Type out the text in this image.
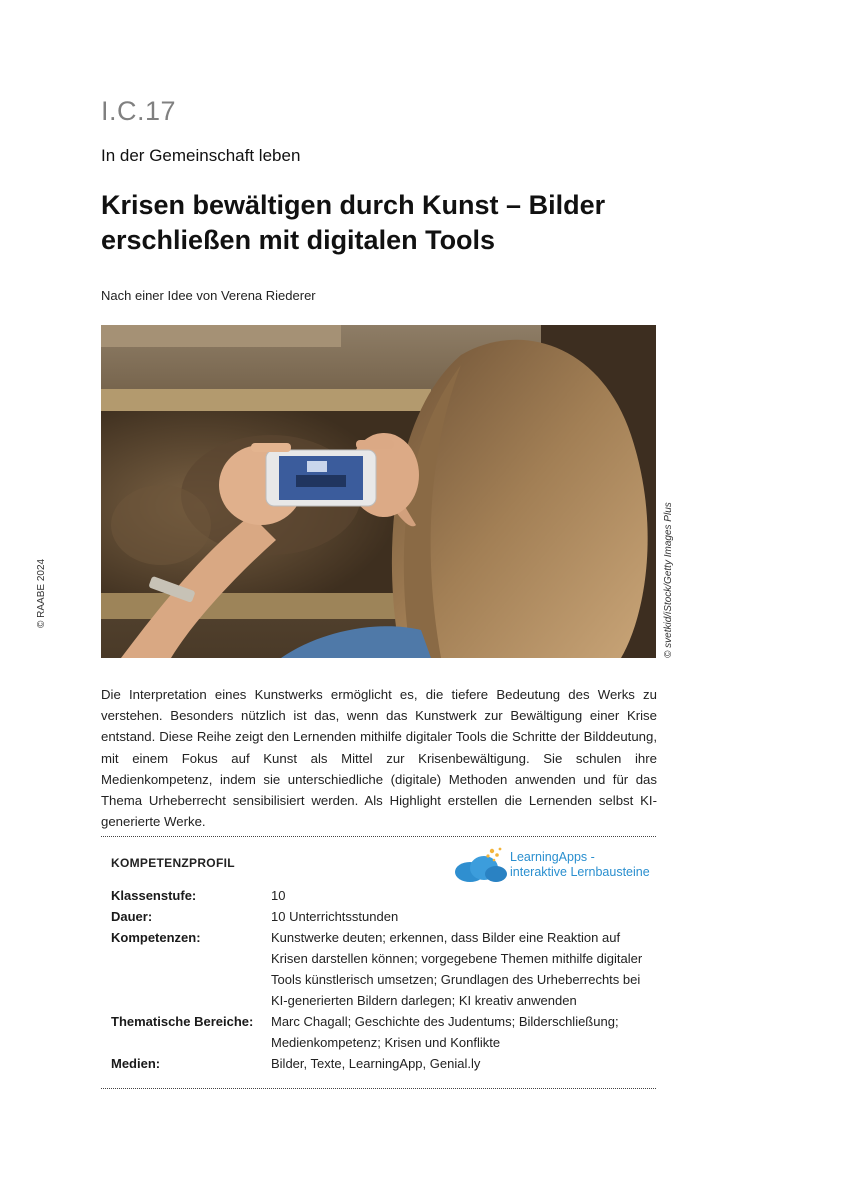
I.C.17
In der Gemeinschaft leben
Krisen bewältigen durch Kunst – Bilder
erschließen mit digitalen Tools
Nach einer Idee von Verena Riederer
© svetkid/iStock/Getty Images Plus
© RAABE 2024
Die Interpretation eines Kunstwerks ermöglicht es, die tiefere Bedeutung des Werks zu verstehen. Besonders nützlich ist das, wenn das Kunstwerk zur Bewältigung einer Krise entstand. Diese Reihe zeigt den Lernenden mithilfe digitaler Tools die Schritte der Bilddeutung, mit einem Fokus auf Kunst als Mittel zur Krisenbewältigung. Sie schulen ihre Medienkompetenz, indem sie unterschiedliche (digitale) Methoden anwenden und für das Thema Urheberrecht sensibilisiert werden. Als Highlight erstellen die Lernenden selbst KI-generierte Werke.
KOMPETENZPROFIL	LearningApps -
interaktive Lernbausteine
Klassenstufe:	10
Dauer:	10 Unterrichtsstunden
Kompetenzen:	Kunstwerke deuten; erkennen, dass Bilder eine Reaktion auf Krisen darstellen können; vorgegebene Themen mithilfe digitaler Tools künstlerisch umsetzen; Grundlagen des Urheberrechts bei KI-generierten Bildern darlegen; KI kreativ anwenden
Thematische Bereiche: Marc Chagall; Geschichte des Judentums; Bilderschließung; Medienkompetenz; Krisen und Konflikte
Medien:	Bilder, Texte, LearningApp, Genial.ly
